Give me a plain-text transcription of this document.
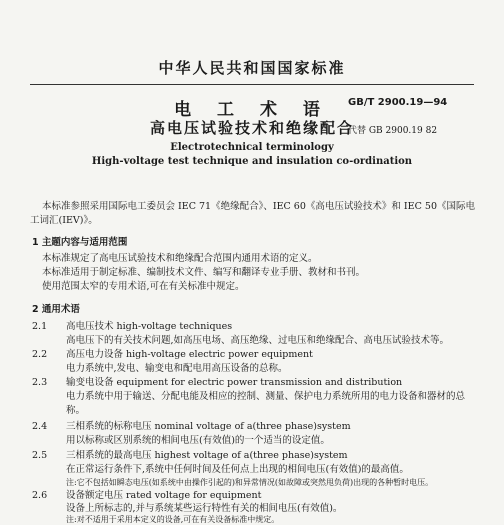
中华人民共和国国家标准
电 工 术 语
高电压试验技术和绝缘配合
GB/T 2900.19—94
代替 GB 2900.19 82
Electrotechnical terminology
High-voltage test technique and insulation co-ordination
本标准参照采用国际电工委员会 IEC 71《绝缘配合》、IEC 60《高电压试验技术》和 IEC 50《国际电
工词汇(IEV)》。
1 主题内容与适用范围
本标准规定了高电压试验技术和绝缘配合范围内通用术语的定义。
本标准适用于制定标准、编制技术文件、编写和翻译专业手册、教材和书刊。
使用范围太窄的专用术语,可在有关标准中规定。
2 通用术语
2.1 高电压技术 high-voltage techniques
高电压下的有关技术问题,如高压电场、高压绝缘、过电压和绝缘配合、高电压试验技术等。
2.2 高压电力设备 high-voltage electric power equipment
电力系统中,发电、输变电和配电用高压设备的总称。
2.3 输变电设备 equipment for electric power transmission and distribution
电力系统中用于输送、分配电能及相应的控制、测量、保护电力系统所用的电力设备和器材的总
称。
2.4 三相系统的标称电压 nominal voltage of a(three phase)system
用以标称或区别系统的相间电压(有效值)的一个适当的设定值。
2.5 三相系统的最高电压 highest voltage of a(three phase)system
在正常运行条件下,系统中任何时间及任何点上出现的相间电压(有效值)的最高值。
注:它不包括如瞬态电压(如系统中由操作引起的)和异常情况(如故障或突然甩负荷)出现的各种暂时电压。
2.6 设备额定电压 rated voltage for equipment
设备上所标志的,并与系统某些运行特性有关的相间电压(有效值)。
注:对不适用于采用本定义的设备,可在有关设备标准中规定。
